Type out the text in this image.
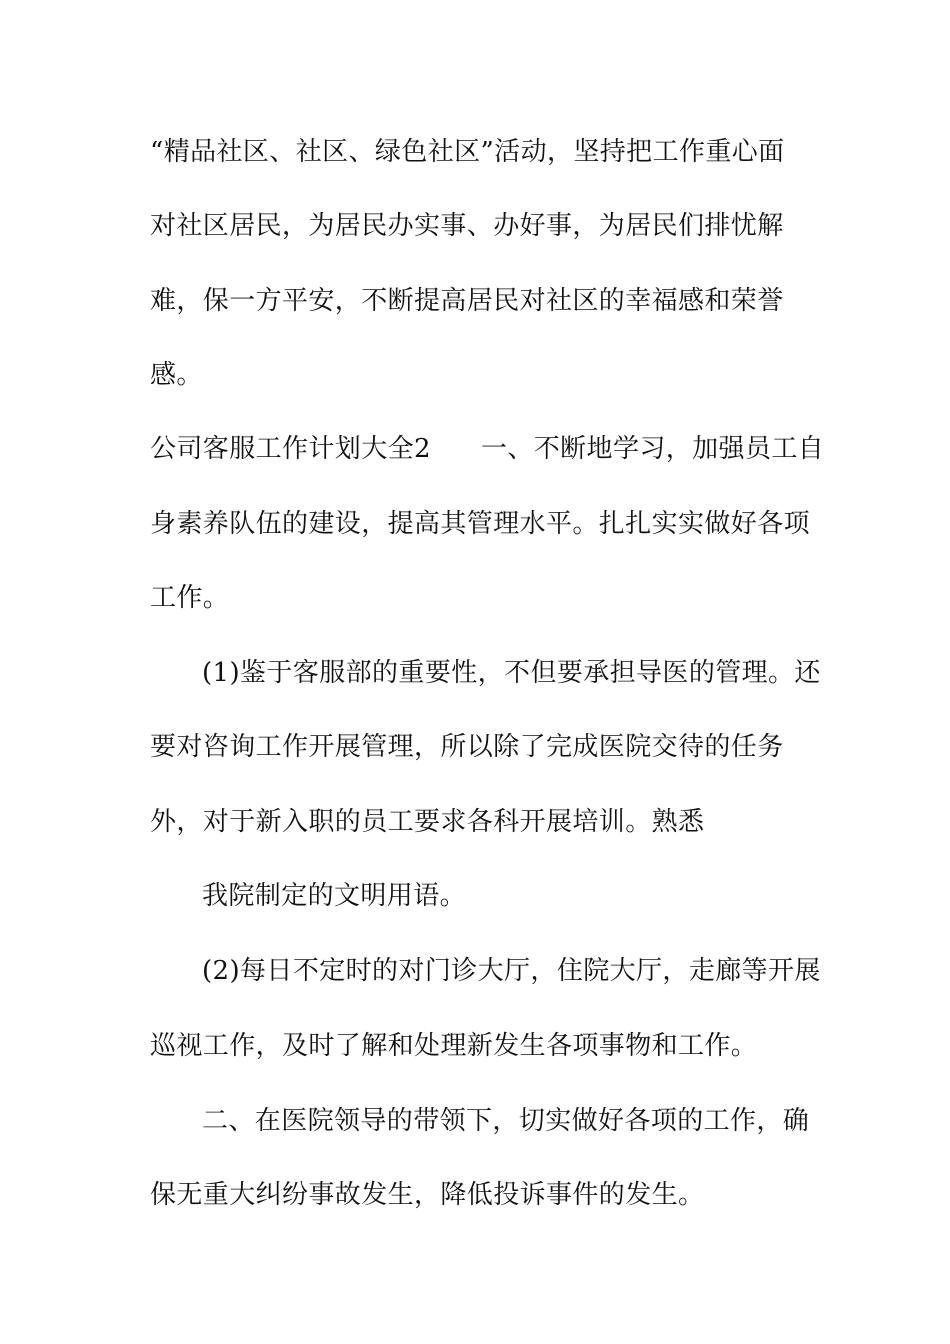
“精品社区、社区、绿色社区”活动，坚持把工作重心面
对社区居民，为居民办实事、办好事，为居民们排忧解
难，保一方平安，不断提高居民对社区的幸福感和荣誉
感。
公司客服工作计划大全2 一、不断地学习，加强员工自
身素养队伍的建设，提高其管理水平。扎扎实实做好各项
工作。
(1)鉴于客服部的重要性，不但要承担导医的管理。还
要对咨询工作开展管理，所以除了完成医院交待的任务
外，对于新入职的员工要求各科开展培训。熟悉
我院制定的文明用语。
(2)每日不定时的对门诊大厅，住院大厅，走廊等开展
巡视工作，及时了解和处理新发生各项事物和工作。
二、在医院领导的带领下，切实做好各项的工作，确
保无重大纠纷事故发生，降低投诉事件的发生。
